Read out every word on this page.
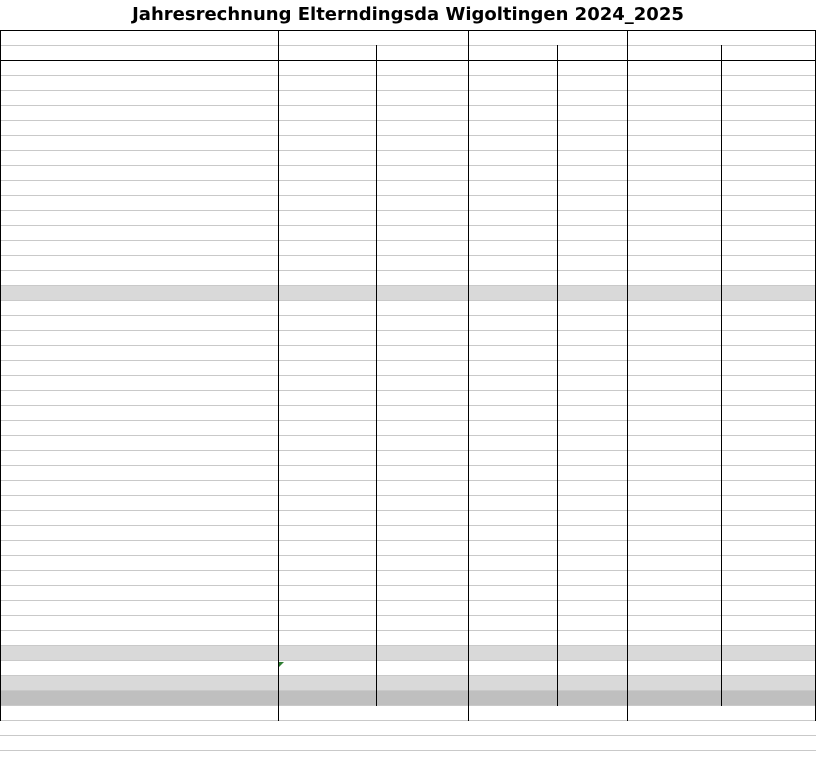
Jahresrechnung Elterndingsda Wigoltingen 2024_2025
